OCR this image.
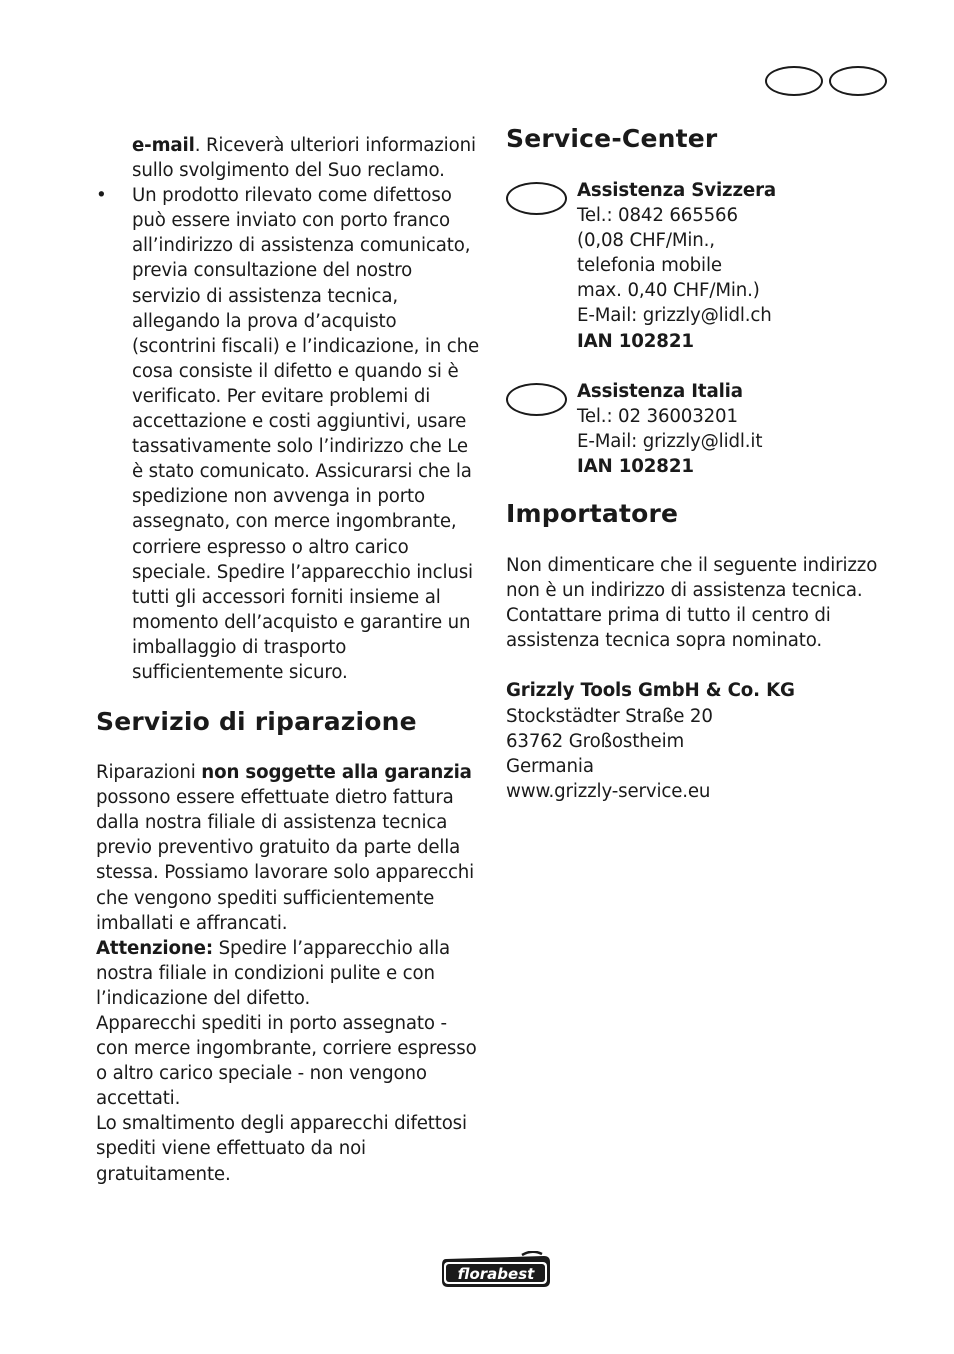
e-mail. Riceverà ulteriori informazioni sullo svolgimento del Suo reclamo.
• Un prodotto rilevato come difettoso può essere inviato con porto franco all’indirizzo di assistenza comunicato, previa consultazione del nostro servizio di assistenza tecnica, allegando la prova d’acquisto (scontrini fiscali) e l’indicazione, in che cosa consiste il difetto e quando si è verificato. Per evitare problemi di accettazione e costi aggiuntivi, usare tassativamente solo l’indirizzo che Le è stato comunicato. Assicurarsi che la spedizione non avvenga in porto assegnato, con merce ingombrante, corriere espresso o altro carico speciale. Spedire l’apparecchio inclusi tutti gli accessori forniti insieme al momento dell’acquisto e garantire un imballaggio di trasporto sufficientemente sicuro.
Servizio di riparazione
Riparazioni non soggette alla garanzia possono essere effettuate dietro fattura dalla nostra filiale di assistenza tecnica previo preventivo gratuito da parte della stessa. Possiamo lavorare solo apparecchi che vengono spediti sufficientemente imballati e affrancati.
Attenzione: Spedire l’apparecchio alla nostra filiale in condizioni pulite e con l’indicazione del difetto.
Apparecchi spediti in porto assegnato - con merce ingombrante, corriere espresso o altro carico speciale - non vengono accettati.
Lo smaltimento degli apparecchi difettosi spediti viene effettuato da noi gratuitamente.
Service-Center
Assistenza Svizzera
Tel.: 0842 665566
(0,08 CHF/Min.,
telefonia mobile
max. 0,40 CHF/Min.)
E-Mail: grizzly@lidl.ch
IAN 102821
Assistenza Italia
Tel.: 02 36003201
E-Mail: grizzly@lidl.it
IAN 102821
Importatore
Non dimenticare che il seguente indirizzo non è un indirizzo di assistenza tecnica. Contattare prima di tutto il centro di assistenza tecnica sopra nominato.
Grizzly Tools GmbH & Co. KG
Stockstädter Straße 20
63762 Großostheim
Germania
www.grizzly-service.eu
florabest
